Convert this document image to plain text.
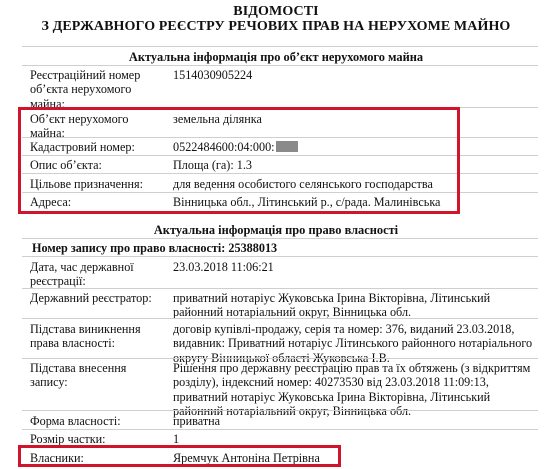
ВІДОМОСТІ
З ДЕРЖАВНОГО РЕЄСТРУ РЕЧОВИХ ПРАВ НА НЕРУХОМЕ МАЙНО
Актуальна інформація про об’єкт нерухомого майна
Реєстраційний номер об’єкта нерухомого майна:
1514030905224
Об’єкт нерухомого майна:
земельна ділянка
Кадастровий номер:	0522484600:04:000:
Опис об’єкта:	Площа (га): 1.3
Цільове призначення:	для ведення особистого селянського господарства
Адреса:	Вінницька обл., Літинський р., с/рада. Малинівська
Актуальна інформація про право власності
Номер запису про право власності: 25388013
Дата, час державної реєстрації:
23.03.2018 11:06:21
Державний реєстратор:	приватний нотаріус Жуковська Ірина Вікторівна, Літинський районний нотаріальний округ, Вінницька обл.
Підстава виникнення права власності:
договір купівлі-продажу, серія та номер: 376, виданий 23.03.2018, видавник: Приватний нотаріус Літинського районного нотаріального округу Вінницької області Жуковська І.В.
Підстава внесення запису:
Рішення про державну реєстрацію прав та їх обтяжень (з відкриттям розділу), індексний номер: 40273530 від 23.03.2018 11:09:13, приватний нотаріус Жуковська Ірина Вікторівна, Літинський районний нотаріальний округ, Вінницька обл.
Форма власності:	приватна
Розмір частки:	1
Власники:	Яремчук Антоніна Петрівна
